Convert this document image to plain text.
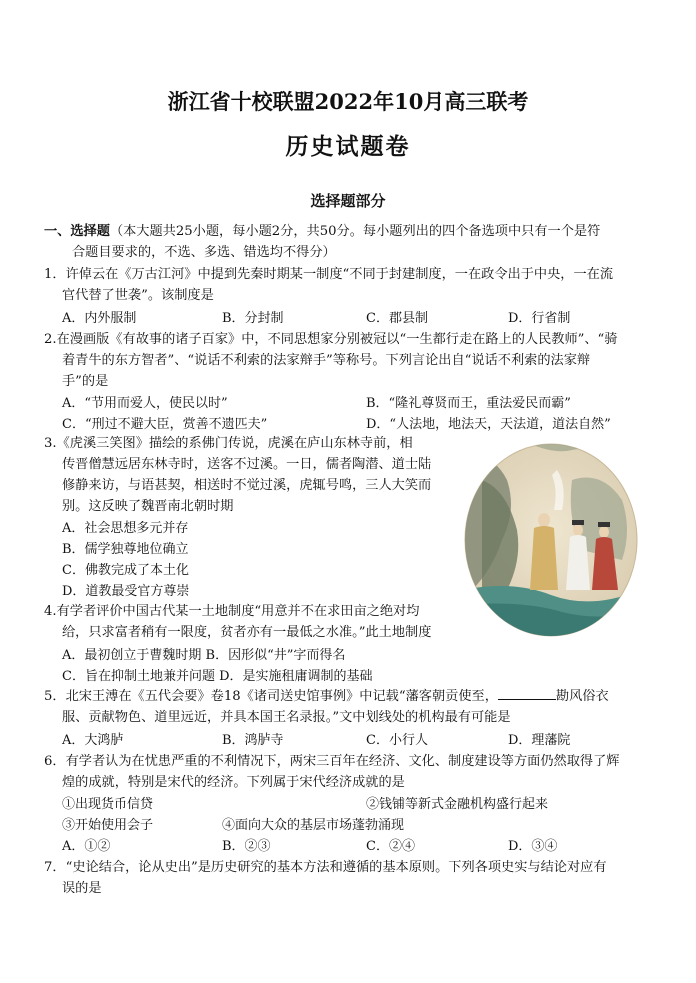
浙江省十校联盟2022年10月高三联考
历史试题卷
选择题部分
一、选择题（本大题共25小题，每小题2分，共50分。每小题列出的四个备选项中只有一个是符
合题目要求的，不选、多选、错选均不得分）
1．许倬云在《万古江河》中提到先秦时期某一制度“不同于封建制度，一在政令出于中央，一在流
官代替了世袭”。该制度是
A．内外服制	B．分封制	C．郡县制	D．行省制
2.在漫画版《有故事的诸子百家》中，不同思想家分别被冠以“一生都行走在路上的人民教师”、“骑
着青牛的东方智者”、“说话不利索的法家辩手”等称号。下列言论出自“说话不利索的法家辩
手”的是
A．“节用而爱人，使民以时”	B．“隆礼尊贤而王，重法爱民而霸”
C．“刑过不避大臣，赏善不遗匹夫”	D．“人法地，地法天，天法道，道法自然”
3.《虎溪三笑图》描绘的系佛门传说，虎溪在庐山东林寺前，相
传晋僧慧远居东林寺时，送客不过溪。一日，儒者陶潜、道士陆
修静来访，与语甚契，相送时不觉过溪，虎辄号鸣，三人大笑而
别。这反映了魏晋南北朝时期
A．社会思想多元并存
B．儒学独尊地位确立
C．佛教完成了本土化
D．道教最受官方尊崇
4.有学者评价中国古代某一土地制度“用意并不在求田亩之绝对均
给，只求富者稍有一限度，贫者亦有一最低之水准。”此土地制度
A．最初创立于曹魏时期 B．因形似“井”字而得名
C．旨在抑制土地兼并问题 D．是实施租庸调制的基础
5．北宋王溥在《五代会要》卷18《诸司送史馆事例》中记载“藩客朝贡使至，	勘风俗衣
服、贡献物色、道里远近，并具本国王名录报。”文中划线处的机构最有可能是
A．大鸿胪	B．鸿胪寺	C．小行人	D．理藩院
6．有学者认为在忧患严重的不利情况下，两宋三百年在经济、文化、制度建设等方面仍然取得了辉
煌的成就，特别是宋代的经济。下列属于宋代经济成就的是
①出现货币信贷	②钱铺等新式金融机构盛行起来
③开始使用会子	④面向大众的基层市场蓬勃涌现
A．①②	B．②③	C．②④	D．③④
7．“史论结合，论从史出”是历史研究的基本方法和遵循的基本原则。下列各项史实与结论对应有
误的是
